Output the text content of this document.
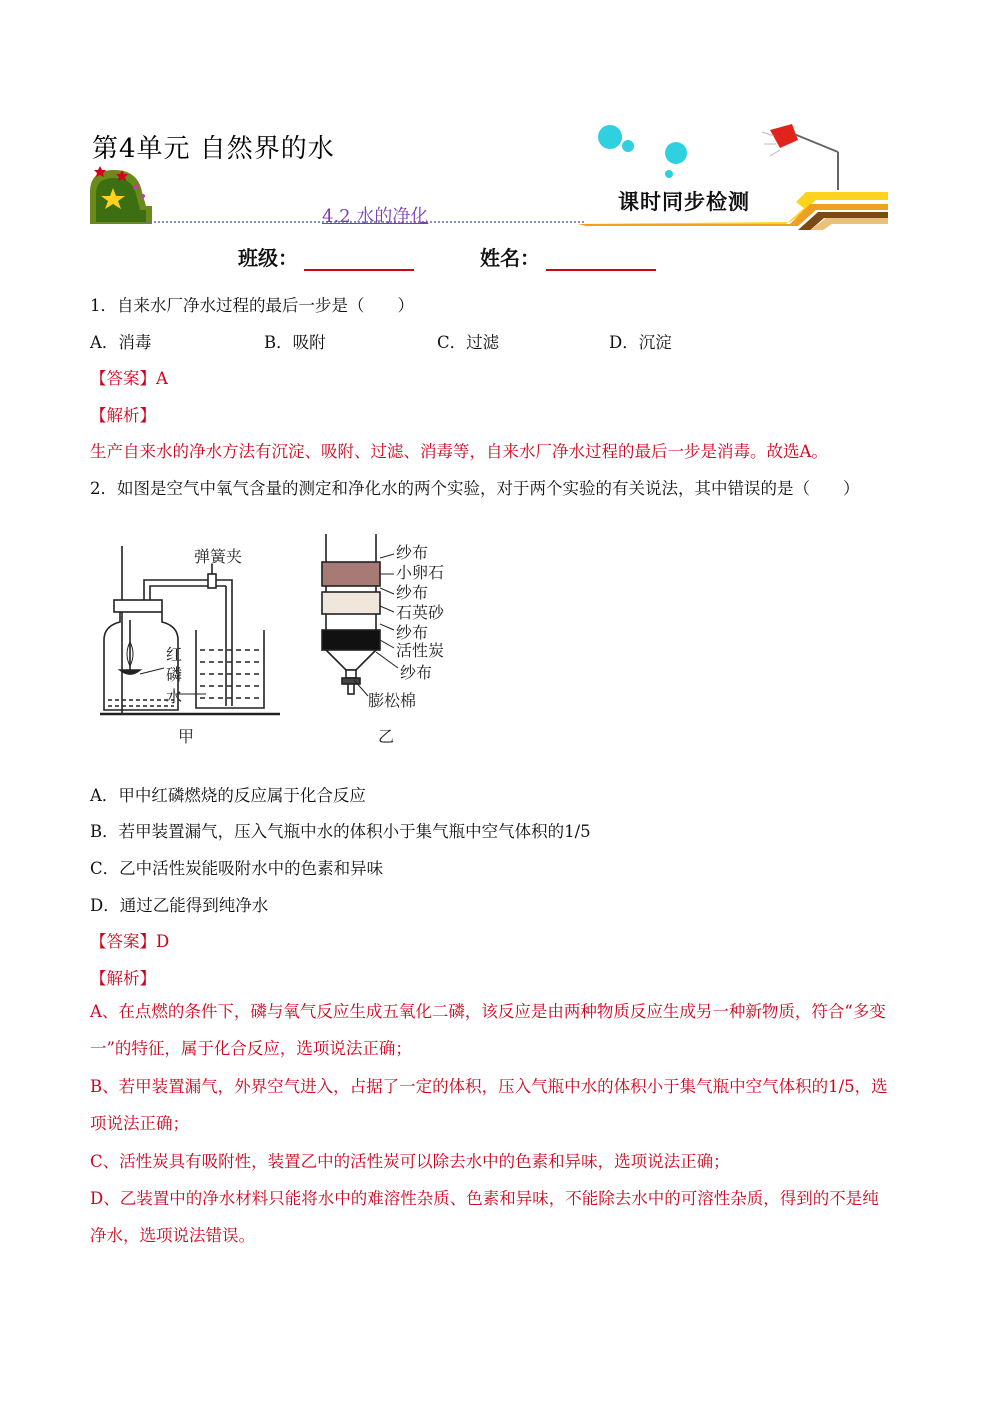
第4单元 自然界的水
4.2 水的净化
课时同步检测
班级：	姓名：
1．自来水厂净水过程的最后一步是（　　）
A．消毒	B．吸附	C．过滤	D．沉淀
【答案】A
【解析】
生产自来水的净水方法有沉淀、吸附、过滤、消毒等，自来水厂净水过程的最后一步是消毒。故选A。
2．如图是空气中氧气含量的测定和净化水的两个实验，对于两个实验的有关说法，其中错误的是（　　）
弹簧夹
红
磷
水
甲
纱布
小卵石
纱布
石英砂
纱布
活性炭
纱布
膨松棉
乙
A．甲中红磷燃烧的反应属于化合反应
B．若甲装置漏气，压入气瓶中水的体积小于集气瓶中空气体积的1/5
C．乙中活性炭能吸附水中的色素和异味
D．通过乙能得到纯净水
【答案】D
【解析】
A、在点燃的条件下，磷与氧气反应生成五氧化二磷，该反应是由两种物质反应生成另一种新物质，符合“多变一”的特征，属于化合反应，选项说法正确；
B、若甲装置漏气，外界空气进入，占据了一定的体积，压入气瓶中水的体积小于集气瓶中空气体积的1/5，选项说法正确；
C、活性炭具有吸附性，装置乙中的活性炭可以除去水中的色素和异味，选项说法正确；
D、乙装置中的净水材料只能将水中的难溶性杂质、色素和异味，不能除去水中的可溶性杂质，得到的不是纯净水，选项说法错误。
